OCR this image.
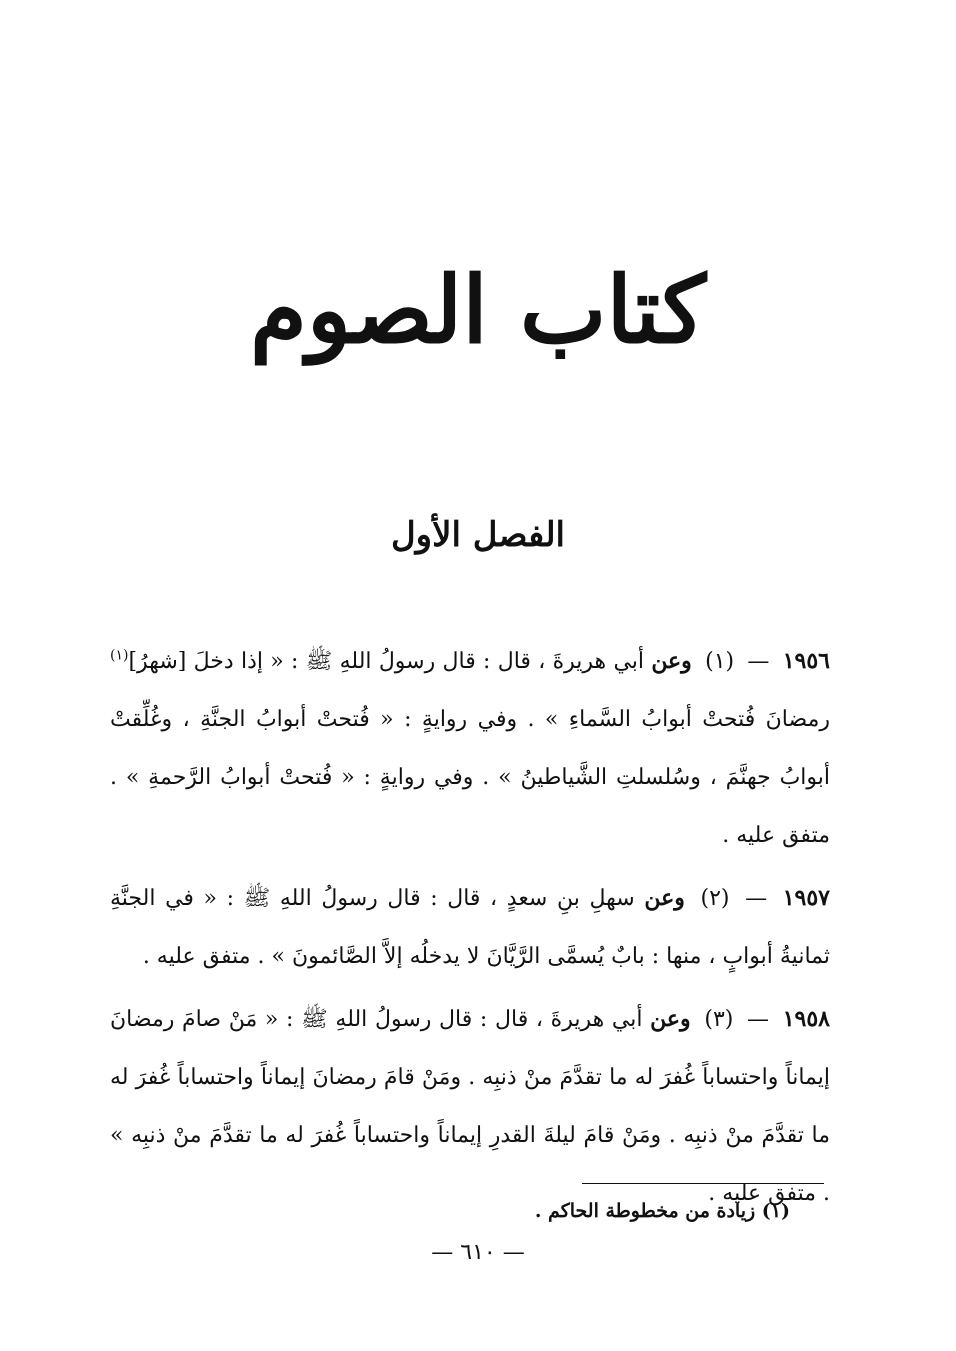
كتاب الصوم
الفصل الأول

١٩٥٦ — (١) وعن أبي هريرةَ ، قال : قال رسولُ اللهِ ﷺ : « إذا دخلَ [شهرُ]$^{(١)}$ رمضانَ فُتحتْ أبوابُ السَّماءِ » . وفي روايةٍ : « فُتحتْ أبوابُ الجنَّةِ ، وغُلِّقتْ أبوابُ جهنَّمَ ، وسُلسلتِ الشَّياطينُ » . وفي روايةٍ : « فُتحتْ أبوابُ الرَّحمةِ » . متفق عليه .

١٩٥٧ — (٢) وعن سهلِ بنِ سعدٍ ، قال : قال رسولُ اللهِ ﷺ : « في الجنَّةِ ثمانيةُ أبوابٍ ، منها : بابٌ يُسمَّى الرَّيَّانَ لا يدخلُه إلاَّ الصَّائمونَ » . متفق عليه .

١٩٥٨ — (٣) وعن أبي هريرةَ ، قال : قال رسولُ اللهِ ﷺ : « مَنْ صامَ رمضانَ إيماناً واحتساباً غُفرَ له ما تقدَّمَ منْ ذنبِه . ومَنْ قامَ رمضانَ إيماناً واحتساباً غُفرَ له ما تقدَّمَ منْ ذنبِه . ومَنْ قامَ ليلةَ القدرِ إيماناً واحتساباً غُفرَ له ما تقدَّمَ منْ ذنبِه » . متفق عليه .

(١) زيادة من مخطوطة الحاكم .
— ٦١٠ —
